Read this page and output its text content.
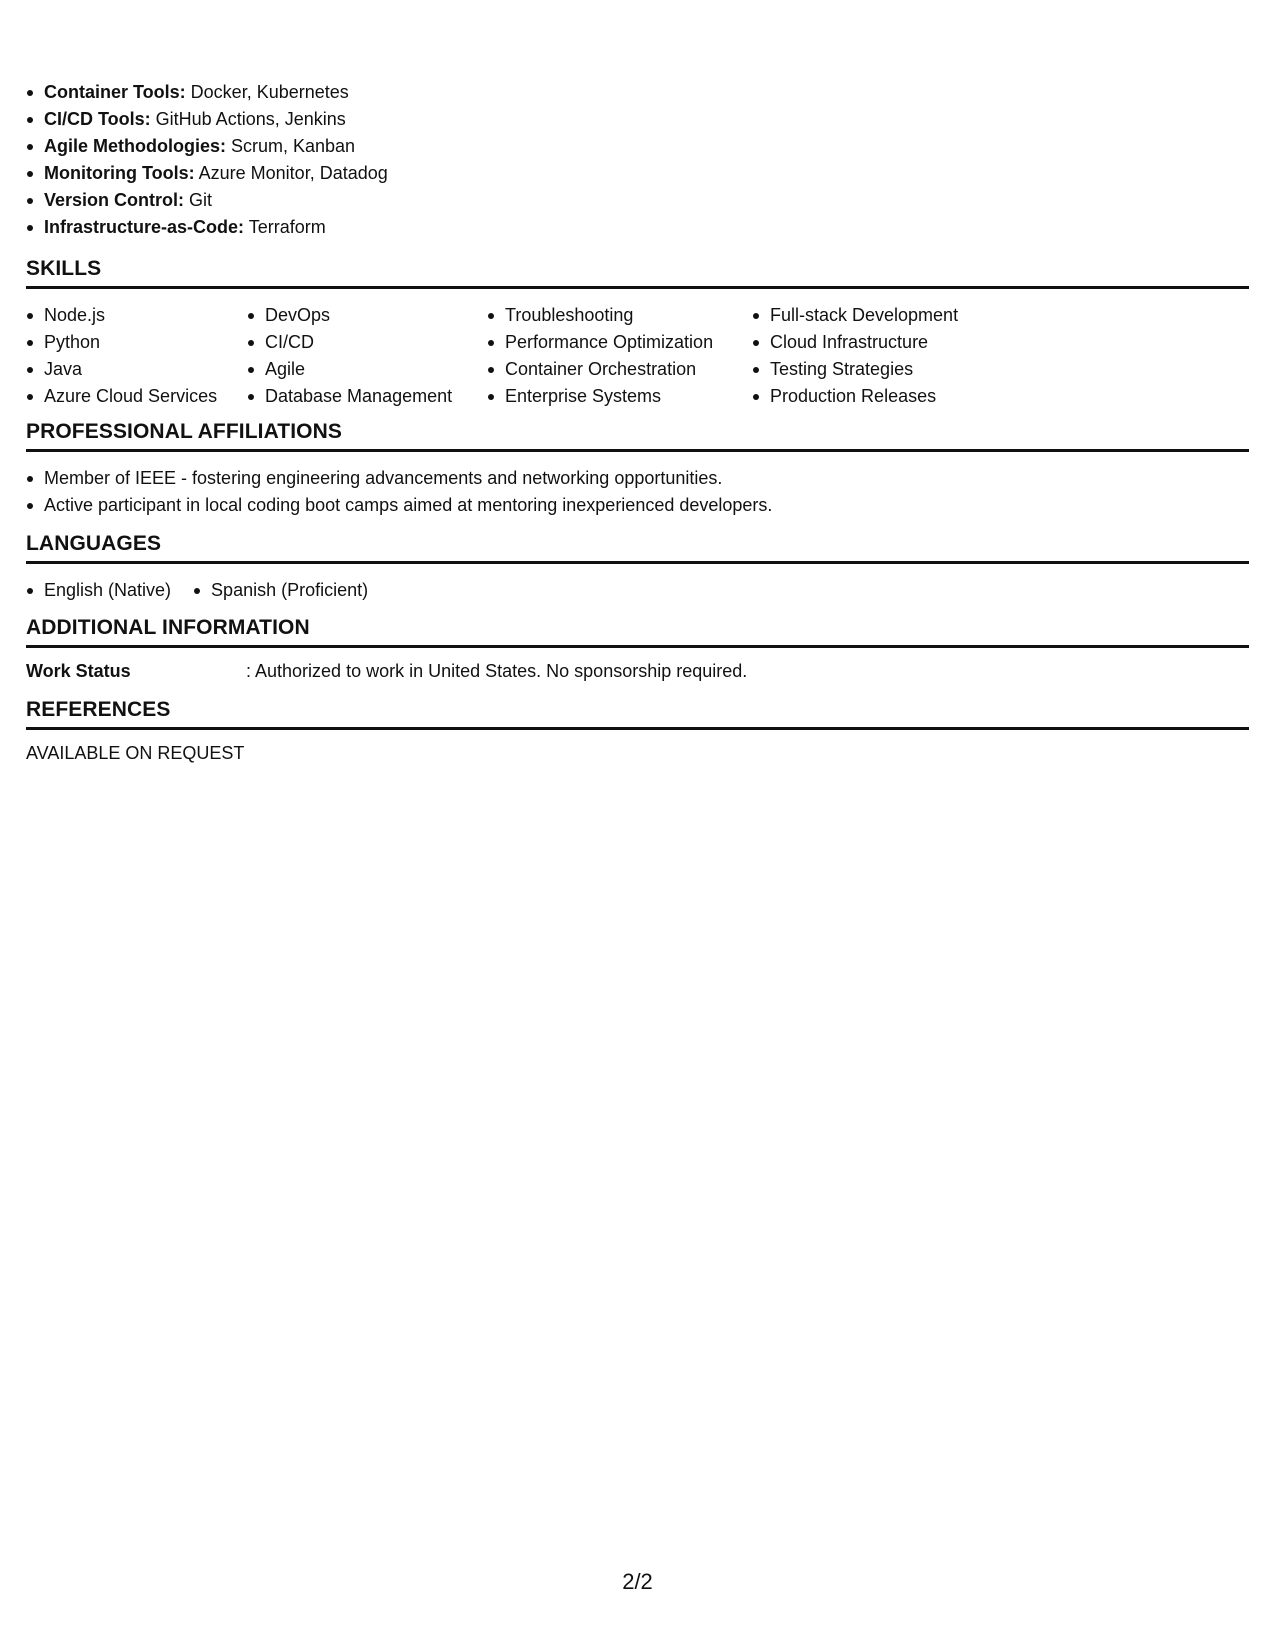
Container Tools: Docker, Kubernetes
CI/CD Tools: GitHub Actions, Jenkins
Agile Methodologies: Scrum, Kanban
Monitoring Tools: Azure Monitor, Datadog
Version Control: Git
Infrastructure-as-Code: Terraform
SKILLS
Node.js
Python
Java
Azure Cloud Services
DevOps
CI/CD
Agile
Database Management
Troubleshooting
Performance Optimization
Container Orchestration
Enterprise Systems
Full-stack Development
Cloud Infrastructure
Testing Strategies
Production Releases
PROFESSIONAL AFFILIATIONS
Member of IEEE - fostering engineering advancements and networking opportunities.
Active participant in local coding boot camps aimed at mentoring inexperienced developers.
LANGUAGES
English (Native)	Spanish (Proficient)
ADDITIONAL INFORMATION
Work Status	: Authorized to work in United States. No sponsorship required.
REFERENCES
AVAILABLE ON REQUEST
2/2
